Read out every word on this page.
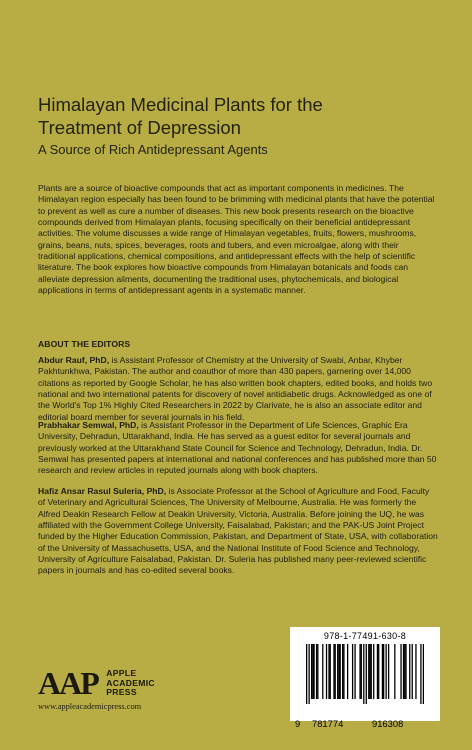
Himalayan Medicinal Plants for the
Treatment of Depression
A Source of Rich Antidepressant Agents

Plants are a source of bioactive compounds that act as important components in medicines. The Himalayan region especially has been found to be brimming with medicinal plants that have the potential to prevent as well as cure a number of diseases. This new book presents research on the bioactive compounds derived from Himalayan plants, focusing specifically on their beneficial antidepressant activities. The volume discusses a wide range of Himalayan vegetables, fruits, flowers, mushrooms, grains, beans, nuts, spices, beverages, roots and tubers, and even microalgae, along with their traditional applications, chemical compositions, and antidepressant effects with the help of scientific literature. The book explores how bioactive compounds from Himalayan botanicals and foods can alleviate depression ailments, documenting the traditional uses, phytochemicals, and biological applications in terms of antidepressant agents in a systematic manner.

ABOUT THE EDITORS
Abdur Rauf, PhD, is Assistant Professor of Chemistry at the University of Swabi, Anbar, Khyber Pakhtunkhwa, Pakistan. The author and coauthor of more than 430 papers, garnering over 14,000 citations as reported by Google Scholar, he has also written book chapters, edited books, and holds two national and two international patents for discovery of novel antidiabetic drugs. Acknowledged as one of the World's Top 1% Highly Cited Researchers in 2022 by Clarivate, he is also an associate editor and editorial board member for several journals in his field.
Prabhakar Semwal, PhD, is Assistant Professor in the Department of Life Sciences, Graphic Era University, Dehradun, Uttarakhand, India. He has served as a guest editor for several journals and previously worked at the Uttarakhand State Council for Science and Technology, Dehradun, India. Dr. Semwal has presented papers at international and national conferences and has published more than 50 research and review articles in reputed journals along with book chapters.
Hafiz Ansar Rasul Suleria, PhD, is Associate Professor at the School of Agriculture and Food, Faculty of Veterinary and Agricultural Sciences, The University of Melbourne, Australia. He was formerly the Alfred Deakin Research Fellow at Deakin University, Victoria, Australia. Before joining the UQ, he was affiliated with the Government College University, Faisalabad, Pakistan; and the PAK-US Joint Project funded by the Higher Education Commission, Pakistan, and Department of State, USA, with collaboration of the University of Massachusetts, USA, and the National Institute of Food Science and Technology, University of Agriculture Faisalabad, Pakistan. Dr. Suleria has published many peer-reviewed scientific papers in journals and has co-edited several books.
AAP APPLE
ACADEMIC
PRESS
www.appleacademicpress.com
978-1-77491-630-8
9 781774	916308
